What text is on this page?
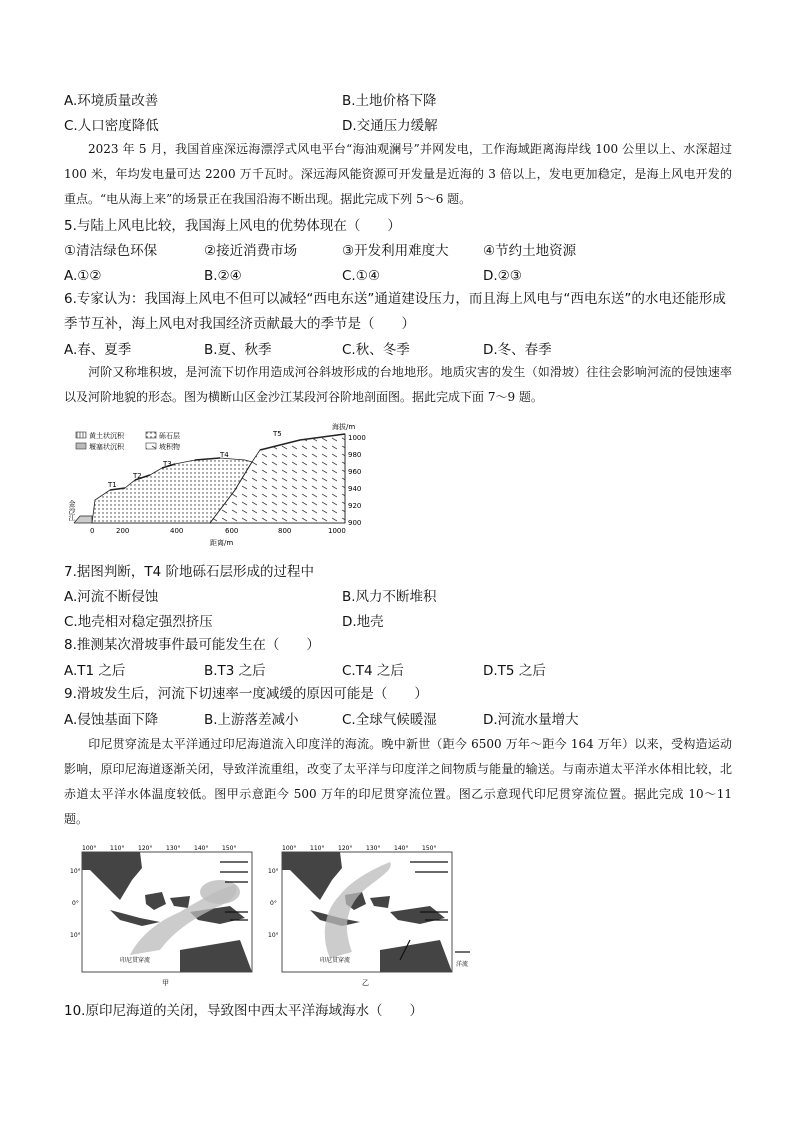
A.环境质量改善	B.土地价格下降
C.人口密度降低	D.交通压力缓解
2023 年 5 月，我国首座深远海漂浮式风电平台“海油观澜号”并网发电，工作海域距离海岸线 100 公里以上、水深超过 100 米，年均发电量可达 2200 万千瓦时。深远海风能资源可开发量是近海的 3 倍以上，发电更加稳定，是海上风电开发的重点。“电从海上来”的场景正在我国沿海不断出现。据此完成下列 5～6 题。
5.与陆上风电比较，我国海上风电的优势体现在（　　）
①清洁绿色环保	②接近消费市场	③开发利用难度大	④节约土地资源
A.①②	B.②④	C.①④	D.②③
6.专家认为：我国海上风电不但可以减轻“西电东送”通道建设压力，而且海上风电与“西电东送”的水电还能形成季节互补，海上风电对我国经济贡献最大的季节是（　　）
A.春、夏季	B.夏、秋季	C.秋、冬季	D.冬、春季
河阶又称堆积坡，是河流下切作用造成河谷斜坡形成的台地地形。地质灾害的发生（如滑坡）往往会影响河流的侵蚀速率以及河阶地貌的形态。图为横断山区金沙江某段河谷阶地剖面图。据此完成下面 7～9 题。
黄土状沉积	砾石层
堰塞状沉积	坡积物
T1
T2
T3
T4
T5
金沙江
海拔/m
1000
980
960
940
920
900
0	200	400	600	800	1000
距离/m
7.据图判断，T4 阶地砾石层形成的过程中
A.河流不断侵蚀	B.风力不断堆积
C.地壳相对稳定强烈挤压	D.地壳
8.推测某次滑坡事件最可能发生在（　　）
A.T1 之后	B.T3 之后	C.T4 之后	D.T5 之后
9.滑坡发生后，河流下切速率一度减缓的原因可能是（　　）
A.侵蚀基面下降	B.上游落差减小	C.全球气候暖湿	D.河流水量增大
印尼贯穿流是太平洋通过印尼海道流入印度洋的海流。晚中新世（距今 6500 万年～距今 164 万年）以来，受构造运动影响，原印尼海道逐渐关闭，导致洋流重组，改变了太平洋与印度洋之间物质与能量的输送。与南赤道太平洋水体相比较，北赤道太平洋水体温度较低。图甲示意距今 500 万年的印尼贯穿流位置。图乙示意现代印尼贯穿流位置。据此完成 10～11 题。
100° 110° 120° 130° 140° 150°
10°
0°
10°
印尼贯穿流
甲
100° 110° 120° 130° 140° 150°
10°
0°
10°
印尼贯穿流
乙
洋流
10.原印尼海道的关闭，导致图中西太平洋海域海水（　　）
